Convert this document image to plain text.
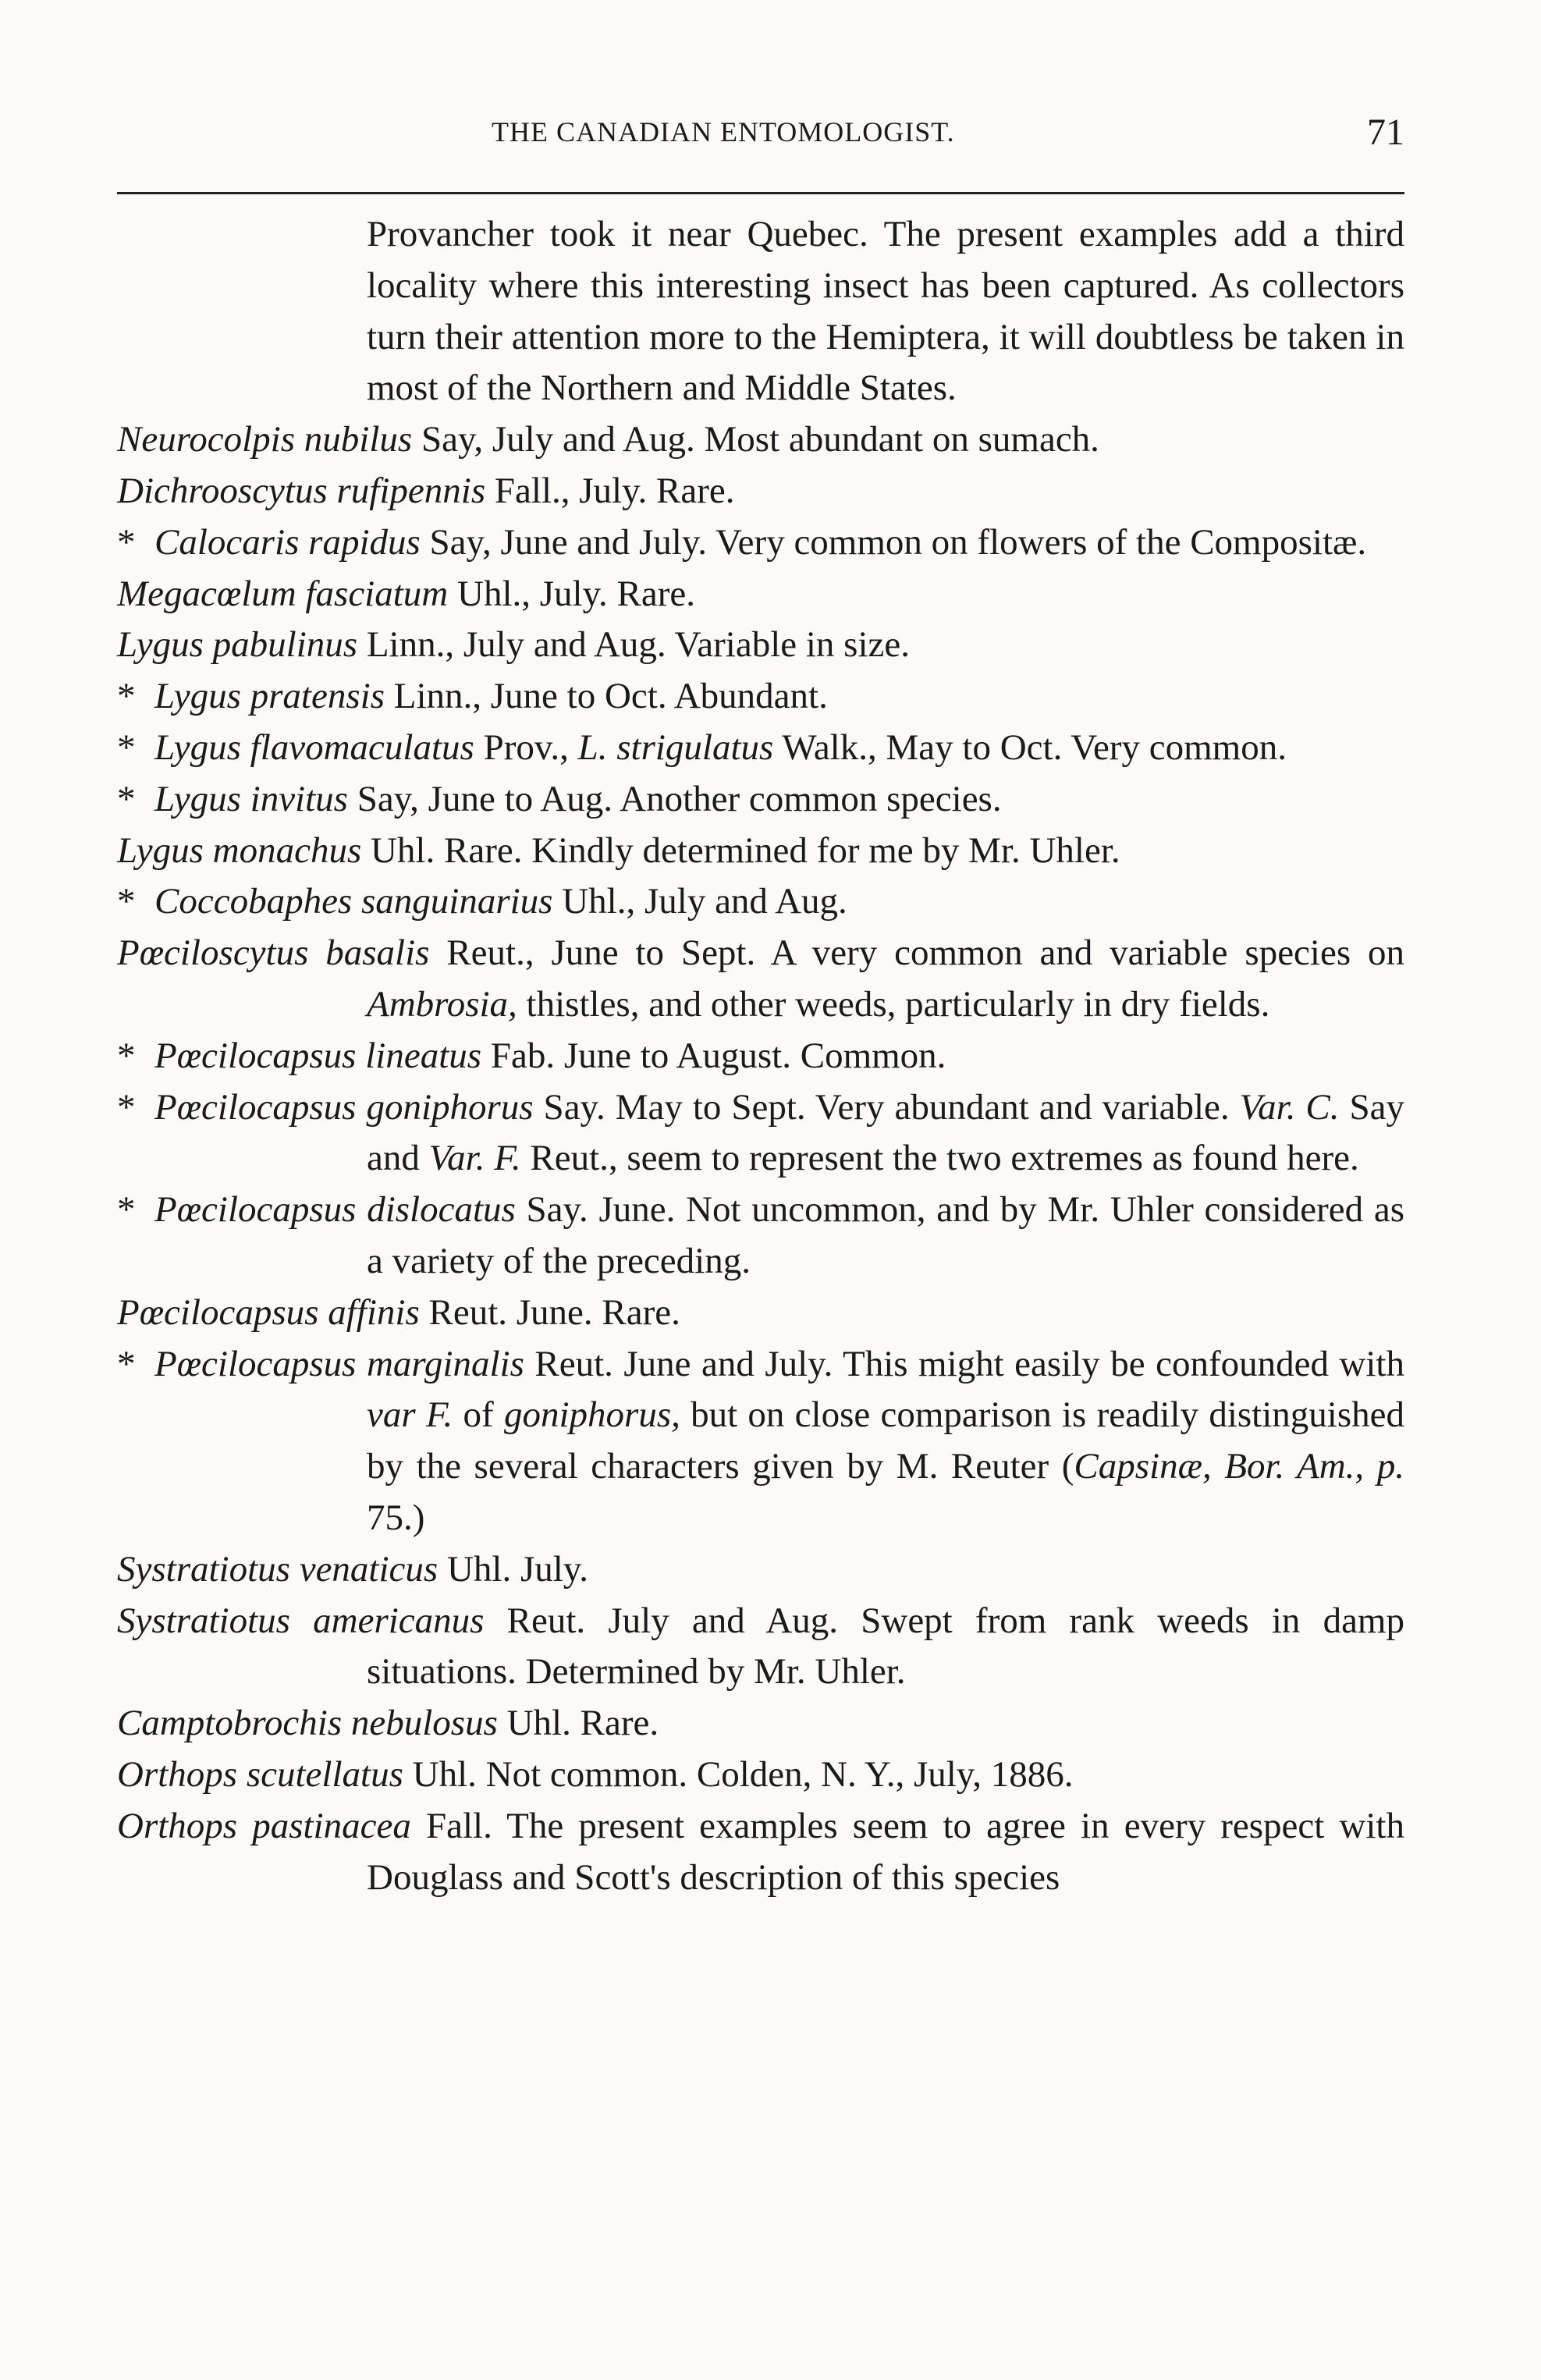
THE CANADIAN ENTOMOLOGIST.	71

Provancher took it near Quebec. The present examples add a third locality where this interesting insect has been captured. As collectors turn their attention more to the Hemiptera, it will doubtless be taken in most of the Northern and Middle States.

Neurocolpis nubilus Say, July and Aug. Most abundant on sumach.

Dichrooscytus rufipennis Fall., July. Rare.

* Calocaris rapidus Say, June and July. Very common on flowers of the Compositæ.

Megacœlum fasciatum Uhl., July. Rare.

Lygus pabulinus Linn., July and Aug. Variable in size.

* Lygus pratensis Linn., June to Oct. Abundant.

* Lygus flavomaculatus Prov., L. strigulatus Walk., May to Oct. Very common.

* Lygus invitus Say, June to Aug. Another common species.

Lygus monachus Uhl. Rare. Kindly determined for me by Mr. Uhler.

* Coccobaphes sanguinarius Uhl., July and Aug.

Pœciloscytus basalis Reut., June to Sept. A very common and variable species on Ambrosia, thistles, and other weeds, particularly in dry fields.

* Pœcilocapsus lineatus Fab. June to August. Common.

* Pœcilocapsus goniphorus Say. May to Sept. Very abundant and variable. Var. C. Say and Var. F. Reut., seem to represent the two extremes as found here.

* Pœcilocapsus dislocatus Say. June. Not uncommon, and by Mr. Uhler considered as a variety of the preceding.

Pœcilocapsus affinis Reut. June. Rare.

* Pœcilocapsus marginalis Reut. June and July. This might easily be confounded with var F. of goniphorus, but on close comparison is readily distinguished by the several characters given by M. Reuter (Capsinæ, Bor. Am., p. 75.)

Systratiotus venaticus Uhl. July.

Systratiotus americanus Reut. July and Aug. Swept from rank weeds in damp situations. Determined by Mr. Uhler.

Camptobrochis nebulosus Uhl. Rare.

Orthops scutellatus Uhl. Not common. Colden, N. Y., July, 1886.

Orthops pastinacea Fall. The present examples seem to agree in every respect with Douglass and Scott's description of this species
